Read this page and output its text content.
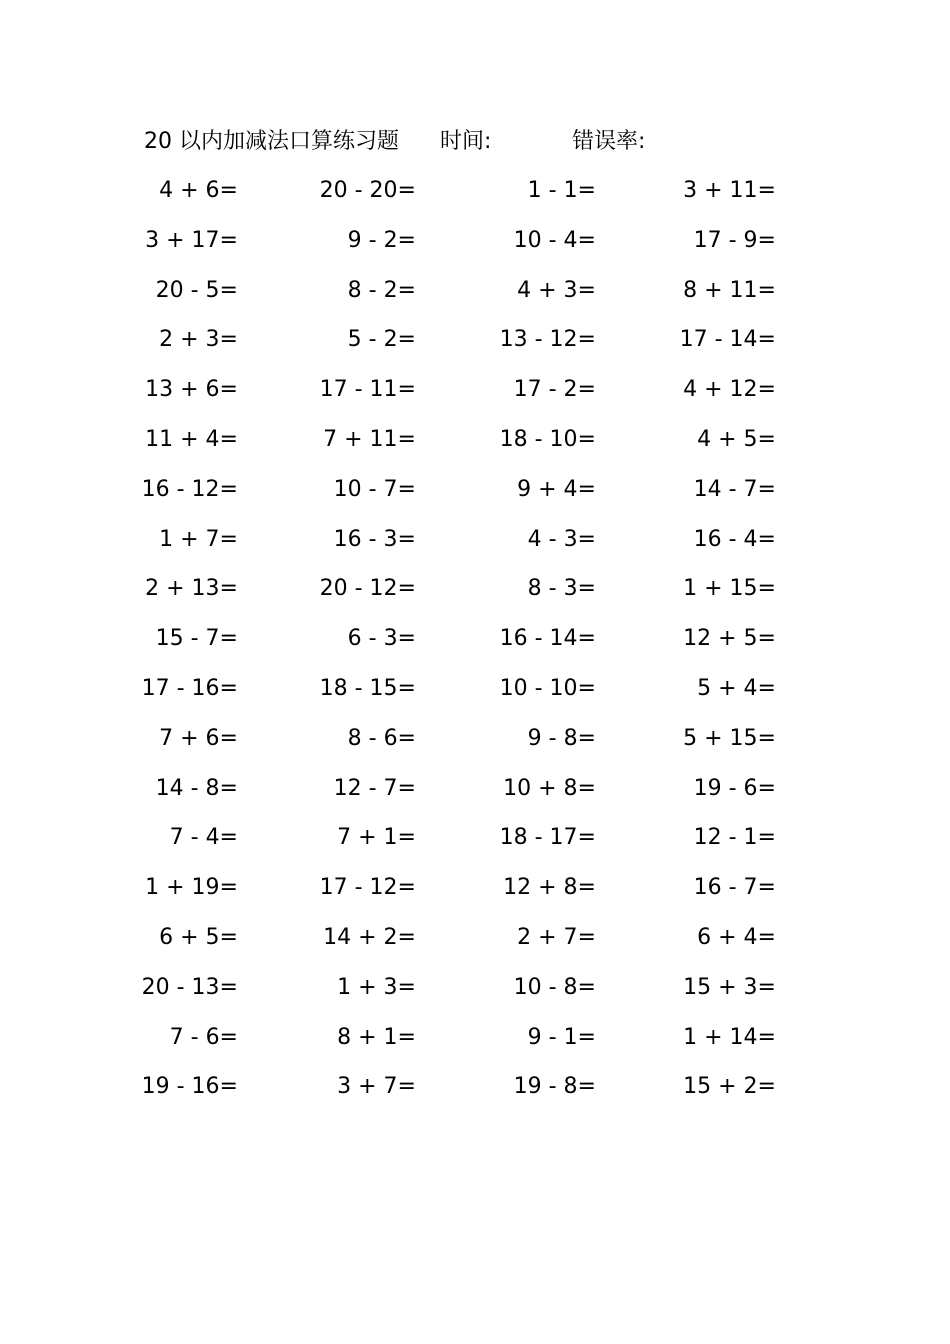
20 以内加减法口算练习题 时间:	错误率:
4 + 6=	20 - 20=	1 - 1=	3 + 11=
3 + 17=	9 - 2=	10 - 4=	17 - 9=
20 - 5=	8 - 2=	4 + 3=	8 + 11=
2 + 3=	5 - 2=	13 - 12=	17 - 14=
13 + 6=	17 - 11=	17 - 2=	4 + 12=
11 + 4=	7 + 11=	18 - 10=	4 + 5=
16 - 12=	10 - 7=	9 + 4=	14 - 7=
1 + 7=	16 - 3=	4 - 3=	16 - 4=
2 + 13=	20 - 12=	8 - 3=	1 + 15=
15 - 7=	6 - 3=	16 - 14=	12 + 5=
17 - 16=	18 - 15=	10 - 10=	5 + 4=
7 + 6=	8 - 6=	9 - 8=	5 + 15=
14 - 8=	12 - 7=	10 + 8=	19 - 6=
7 - 4=	7 + 1=	18 - 17=	12 - 1=
1 + 19=	17 - 12=	12 + 8=	16 - 7=
6 + 5=	14 + 2=	2 + 7=	6 + 4=
20 - 13=	1 + 3=	10 - 8=	15 + 3=
7 - 6=	8 + 1=	9 - 1=	1 + 14=
19 - 16=	3 + 7=	19 - 8=	15 + 2=
